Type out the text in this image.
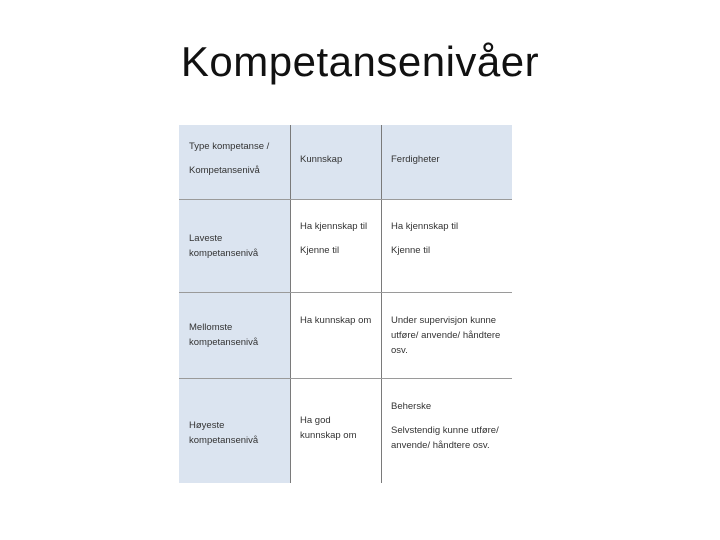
Kompetansenivåer

Type kompetanse /

Kompetansenivå

Kunnskap	Ferdigheter
Laveste kompetansenivå

Ha kjennskap til

Kjenne til

Ha kjennskap til

Kjenne til

Mellomste kompetansenivå

Ha kunnskap om Under supervisjon kunne utføre/ anvende/ håndtere osv.

Høyeste kompetansenivå

Ha god kunnskap om

Beherske

Selvstendig kunne utføre/ anvende/ håndtere osv.
